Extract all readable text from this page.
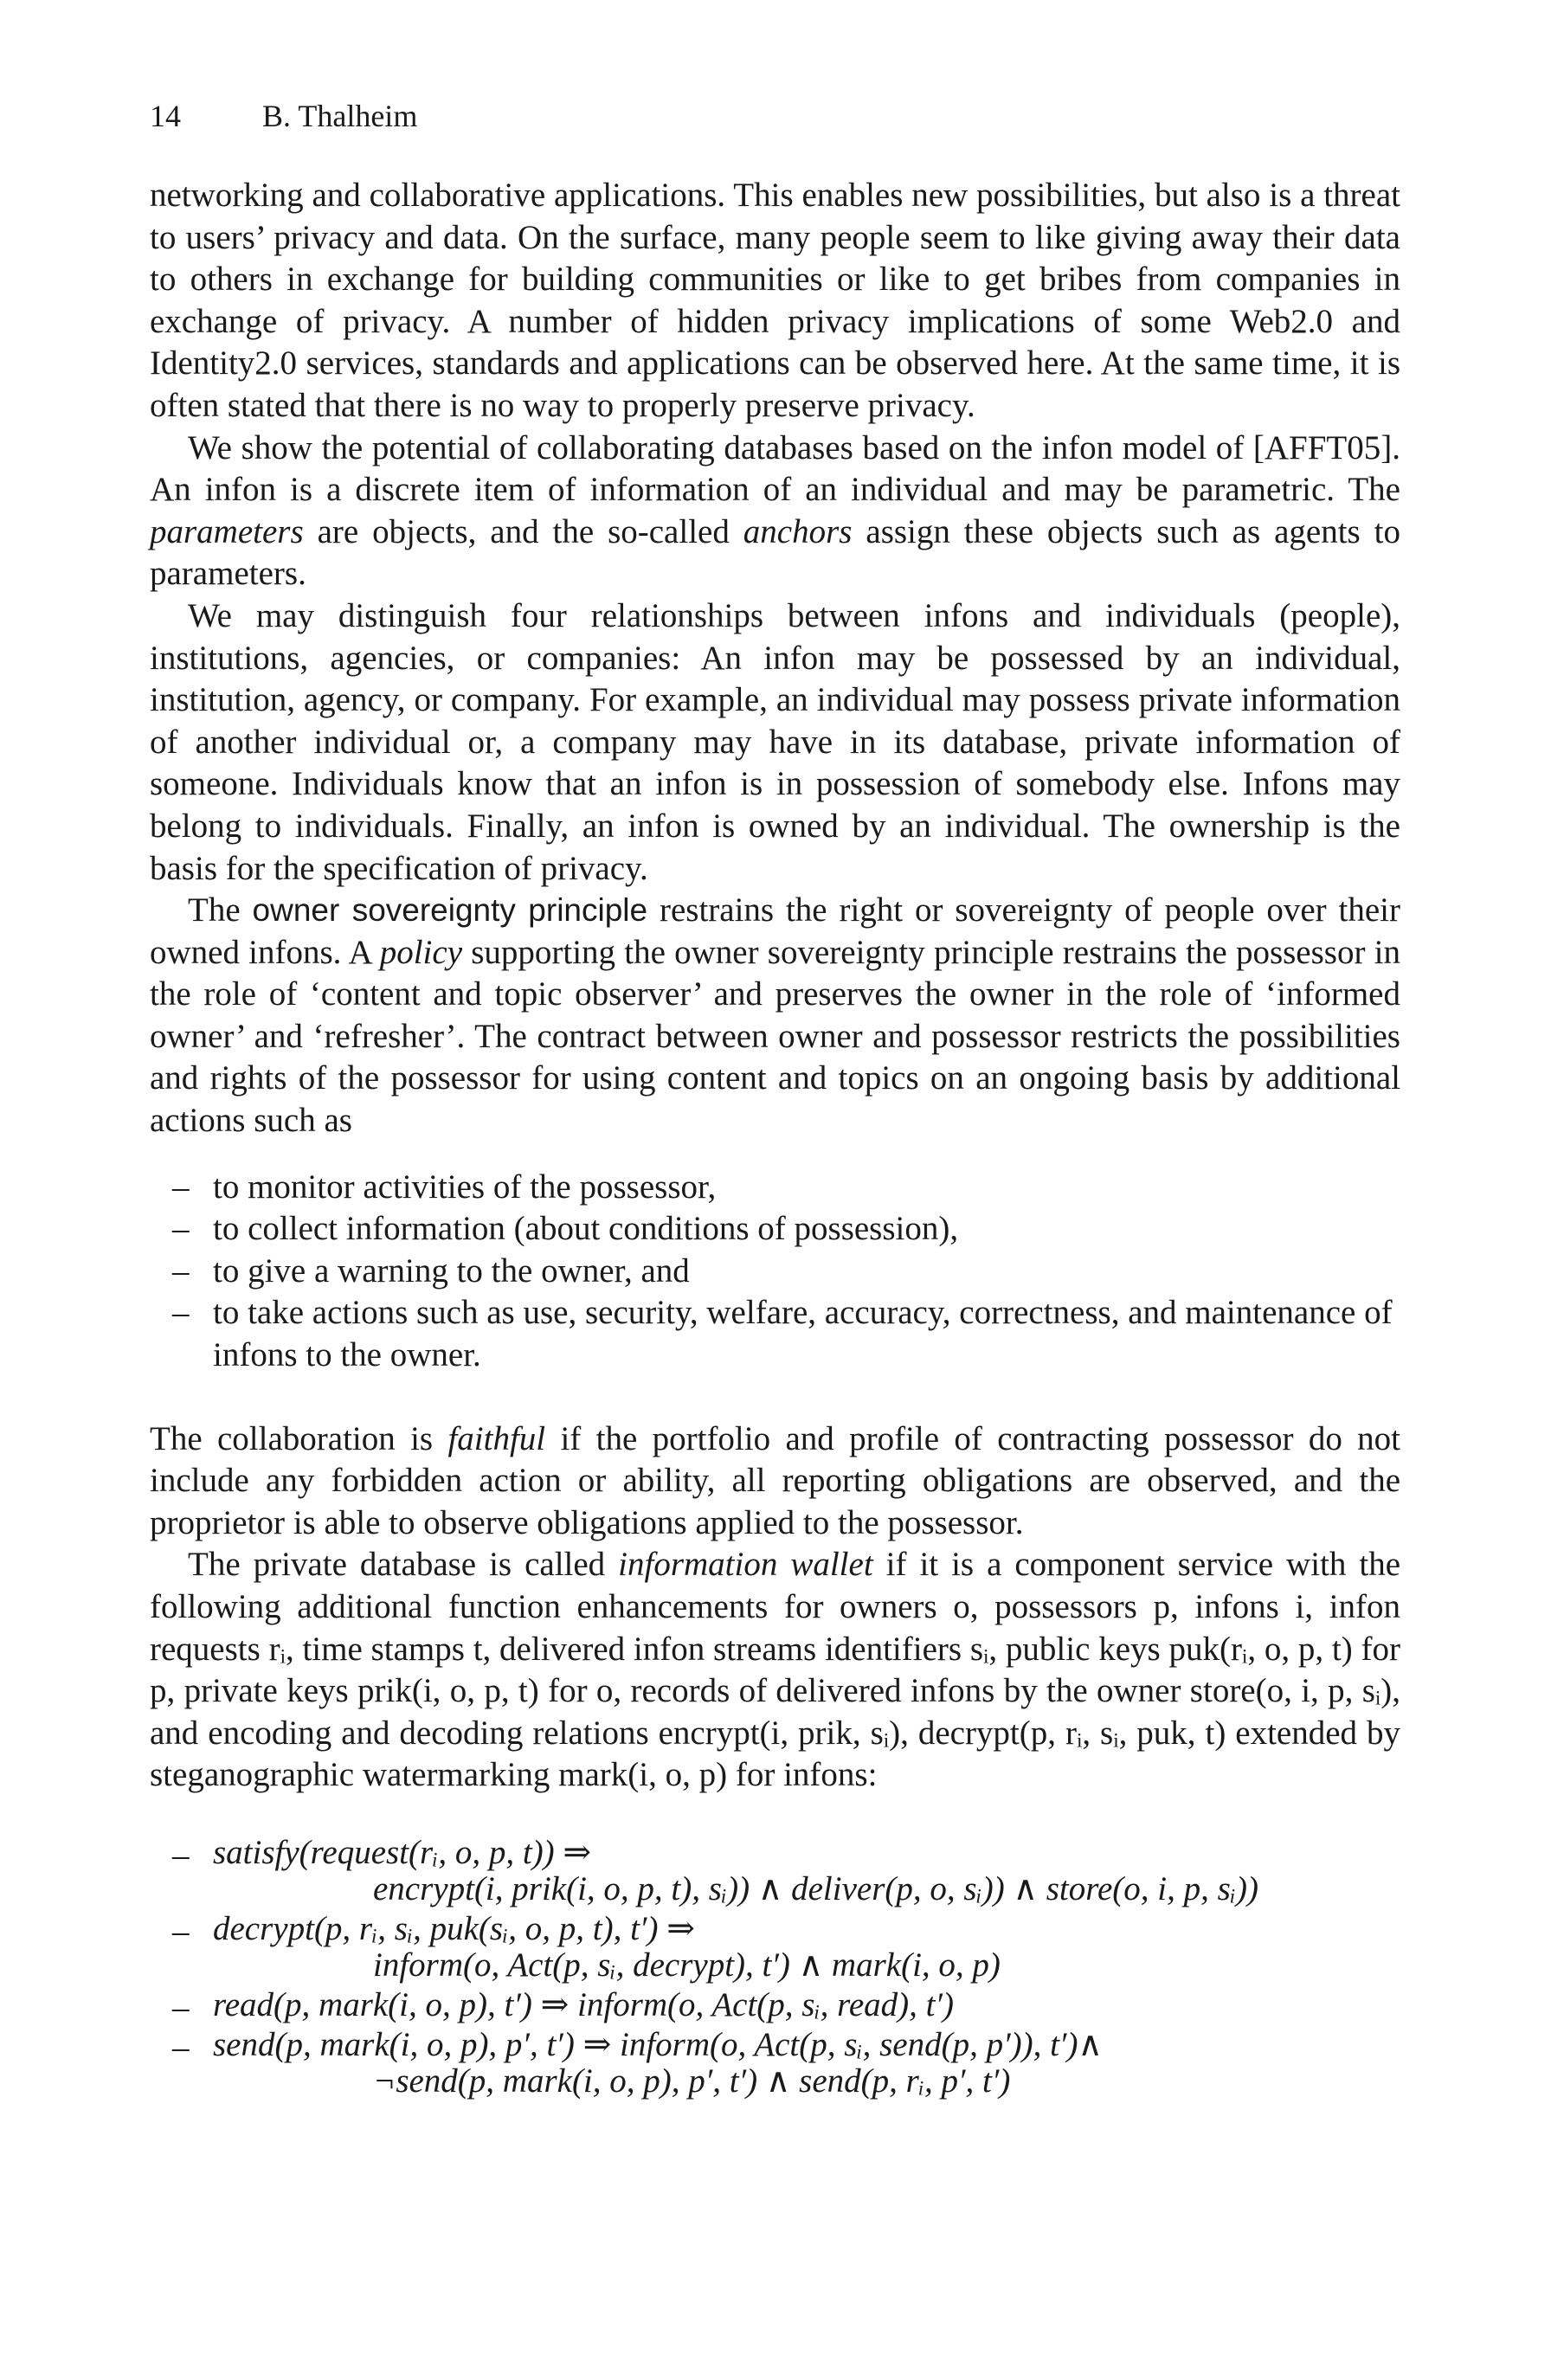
14	B. Thalheim

networking and collaborative applications. This enables new possibilities, but also is a threat to users’ privacy and data. On the surface, many people seem to like giving away their data to others in exchange for building communities or like to get bribes from companies in exchange of privacy. A number of hidden privacy implications of some Web2.0 and Identity2.0 services, standards and applications can be observed here. At the same time, it is often stated that there is no way to properly preserve privacy.

We show the potential of collaborating databases based on the infon model of [AFFT05]. An infon is a discrete item of information of an individual and may be parametric. The parameters are objects, and the so-called anchors assign these objects such as agents to parameters.

We may distinguish four relationships between infons and individuals (people), institutions, agencies, or companies: An infon may be possessed by an individual, institution, agency, or company. For example, an individual may possess private information of another individual or, a company may have in its database, private information of someone. Individuals know that an infon is in possession of somebody else. Infons may belong to individuals. Finally, an infon is owned by an individual. The ownership is the basis for the specification of privacy.

The owner sovereignty principle restrains the right or sovereignty of people over their owned infons. A policy supporting the owner sovereignty principle restrains the possessor in the role of ‘content and topic observer’ and preserves the owner in the role of ‘informed owner’ and ‘refresher’. The contract between owner and possessor restricts the possibilities and rights of the possessor for using content and topics on an ongoing basis by additional actions such as

– to monitor activities of the possessor,
– to collect information (about conditions of possession),
– to give a warning to the owner, and
– to take actions such as use, security, welfare, accuracy, correctness, and maintenance of infons to the owner.

The collaboration is faithful if the portfolio and profile of contracting possessor do not include any forbidden action or ability, all reporting obligations are observed, and the proprietor is able to observe obligations applied to the possessor.

The private database is called information wallet if it is a component service with the following additional function enhancements for owners o, possessors p, infons i, infon requests rᵢ, time stamps t, delivered infon streams identifiers sᵢ, public keys puk(rᵢ, o, p, t) for p, private keys prik(i, o, p, t) for o, records of delivered infons by the owner store(o, i, p, sᵢ), and encoding and decoding relations encrypt(i, prik, sᵢ), decrypt(p, rᵢ, sᵢ, puk, t) extended by steganographic watermarking mark(i, o, p) for infons:

– satisfy(request(rᵢ, o, p, t)) ⇒
encrypt(i, prik(i, o, p, t), sᵢ)) ∧ deliver(p, o, sᵢ)) ∧ store(o, i, p, sᵢ))
– decrypt(p, rᵢ, sᵢ, puk(sᵢ, o, p, t), t′) ⇒
inform(o, Act(p, sᵢ, decrypt), t′) ∧ mark(i, o, p)
– read(p, mark(i, o, p), t′) ⇒ inform(o, Act(p, sᵢ, read), t′)
– send(p, mark(i, o, p), p′, t′) ⇒ inform(o, Act(p, sᵢ, send(p, p′)), t′)∧
¬send(p, mark(i, o, p), p′, t′) ∧ send(p, rᵢ, p′, t′)
